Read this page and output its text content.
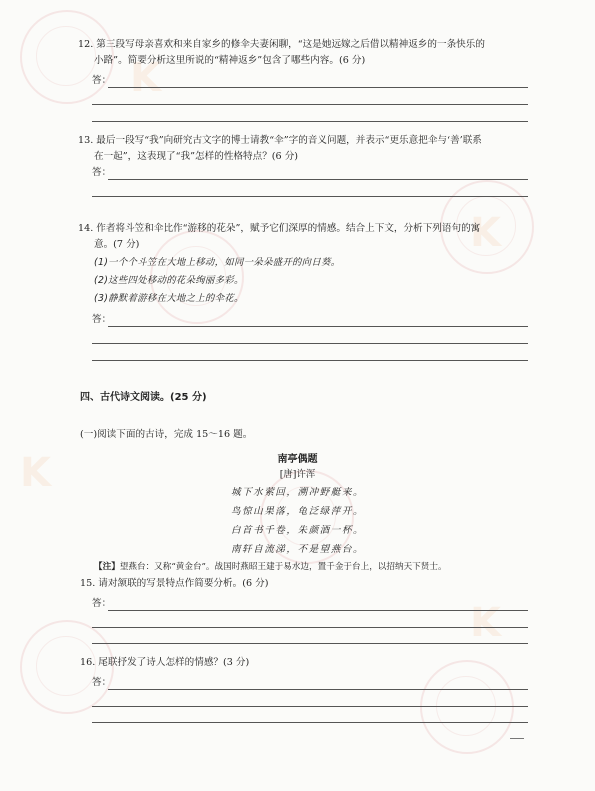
K
K
K
K
12. 第三段写母亲喜欢和来自家乡的修伞夫妻闲聊，“这是她远嫁之后借以精神返乡的一条快乐的
小路”。简要分析这里所说的“精神返乡”包含了哪些内容。(6 分)
答：
13. 最后一段写“我”向研究古文字的博士请教“伞”字的音义问题，并表示“更乐意把伞与‘善’联系
在一起”，这表现了“我”怎样的性格特点？(6 分)
答：
14. 作者将斗笠和伞比作“游移的花朵”，赋予它们深厚的情感。结合上下文，分析下列语句的寓
意。(7 分)
(1)一个个斗笠在大地上移动，如同一朵朵盛开的向日葵。
(2)这些四处移动的花朵绚丽多彩。
(3)静默着游移在大地之上的伞花。
答：
四、古代诗文阅读。(25 分)
(一)阅读下面的古诗，完成 15～16 题。
南亭偶题
[唐]许浑
城下水萦回，溯冲野艇来。
鸟惊山果落，龟泛绿萍开。
白首书千卷，朱颜酒一杯。
南轩自流涕，不是望燕台。
【注】望燕台：又称“黄金台”。战国时燕昭王建于易水边，置千金于台上，以招纳天下贤士。
15. 请对颔联的写景特点作简要分析。(6 分)
答：
16. 尾联抒发了诗人怎样的情感？(3 分)
答：
